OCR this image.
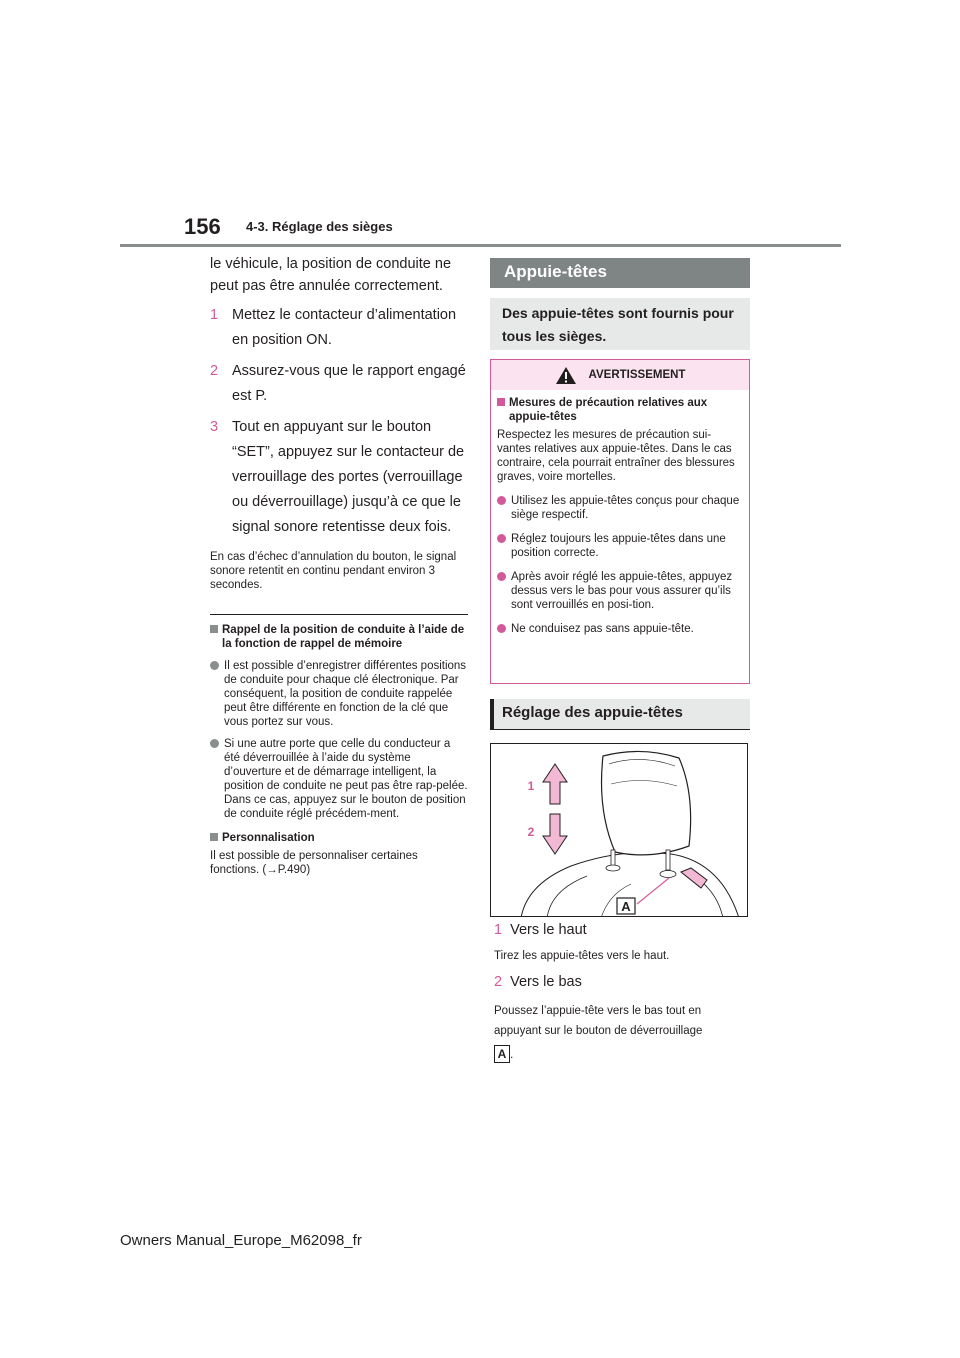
156 4-3. Réglage des sièges

le véhicule, la position de conduite ne peut pas être annulée correctement.

1 Mettez le contacteur d’alimentation en position ON.
2 Assurez-vous que le rapport engagé est P.
3 Tout en appuyant sur le bouton “SET”, appuyez sur le contacteur de verrouillage des portes (verrouillage ou déverrouillage) jusqu’à ce que le signal sonore retentisse deux fois.
En cas d’échec d’annulation du bouton, le signal sonore retentit en continu pendant environ 3 secondes.
Rappel de la position de conduite à l’aide de la fonction de rappel de mémoire
Il est possible d’enregistrer différentes positions de conduite pour chaque clé électronique. Par conséquent, la position de conduite rappelée peut être différente en fonction de la clé que vous portez sur vous.
Si une autre porte que celle du conducteur a été déverrouillée à l’aide du système d’ouverture et de démarrage intelligent, la position de conduite ne peut pas être rap-pelée. Dans ce cas, appuyez sur le bouton de position de conduite réglé précédem-ment.
Personnalisation
Il est possible de personnaliser certaines fonctions. (→P.490)
Appuie-têtes
Des appuie-têtes sont fournis pour tous les sièges.
AVERTISSEMENT
Mesures de précaution relatives aux appuie-têtes
Respectez les mesures de précaution sui-vantes relatives aux appuie-têtes. Dans le cas contraire, cela pourrait entraîner des blessures graves, voire mortelles.
Utilisez les appuie-têtes conçus pour chaque siège respectif.
Réglez toujours les appuie-têtes dans une position correcte.
Après avoir réglé les appuie-têtes, appuyez dessus vers le bas pour vous assurer qu’ils sont verrouillés en posi-tion.
Ne conduisez pas sans appuie-tête.
Réglage des appuie-têtes
A
1
2
1 Vers le haut
Tirez les appuie-têtes vers le haut.
2 Vers le bas
Poussez l’appuie-tête vers le bas tout en appuyant sur le bouton de déverrouillage
A .
Owners Manual_Europe_M62098_fr
